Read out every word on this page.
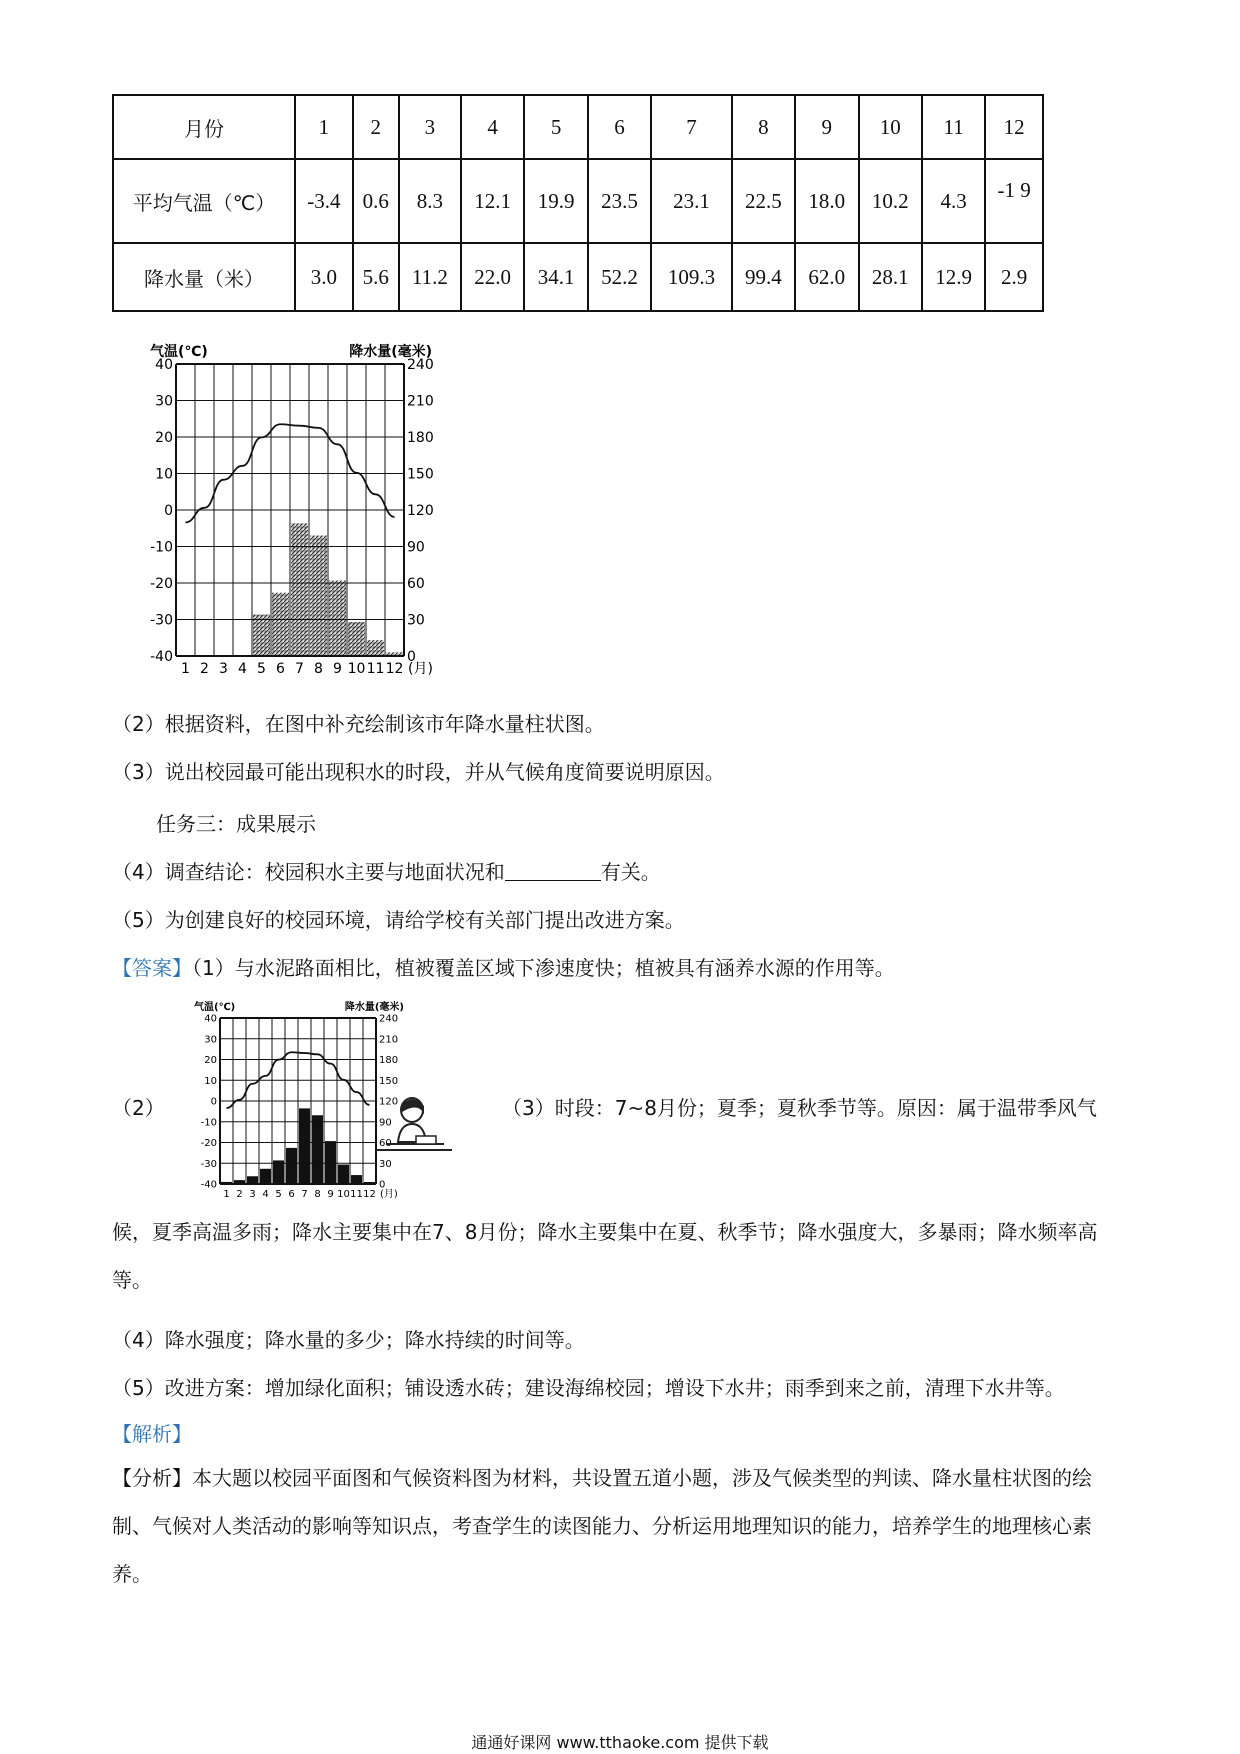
月份	1	2	3	4	5	6	7	8	9	10	11	12
平均气温（℃）	-3.4	0.6	8.3	12.1	19.9	23.5	23.1	22.5	18.0	10.2	4.3	-1 9
降水量（米）	3.0	5.6	11.2	22.0	34.1	52.2	109.3	99.4	62.0	28.1	12.9	2.9
40
30
20
10
0
-10
-20
-30
-40
240
210
180
150
120
90
60
30
0
1 2 3 4 5 6 7 8 9 10 11 12 (月)
气温(℃)	降水量(毫米)
（2）根据资料，在图中补充绘制该市年降水量柱状图。
（3）说出校园最可能出现积水的时段，并从气候角度简要说明原因。
任务三：成果展示
（4）调查结论：校园积水主要与地面状况和	有关。
（5）为创建良好的校园环境，请给学校有关部门提出改进方案。
【答案】（1）与水泥路面相比，植被覆盖区域下渗速度快；植被具有涵养水源的作用等。
（2）
40
30
20
10
0
-10
-20
-30
-40
240
210
180
150
120
90
60
30
0
1 2 3 4 5 6 7 8 9 10 11 12 (月)
气温(℃)	降水量(毫米)
（3）时段：7~8月份；夏季；夏秋季节等。原因：属于温带季风气
候，夏季高温多雨；降水主要集中在7、8月份；降水主要集中在夏、秋季节；降水强度大，多暴雨；降水频率高等。
（4）降水强度；降水量的多少；降水持续的时间等。
（5）改进方案：增加绿化面积；铺设透水砖；建设海绵校园；增设下水井；雨季到来之前，清理下水井等。
【解析】
【分析】本大题以校园平面图和气候资料图为材料，共设置五道小题，涉及气候类型的判读、降水量柱状图的绘制、气候对人类活动的影响等知识点，考查学生的读图能力、分析运用地理知识的能力，培养学生的地理核心素养。
通通好课网 www.tthaoke.com 提供下载
